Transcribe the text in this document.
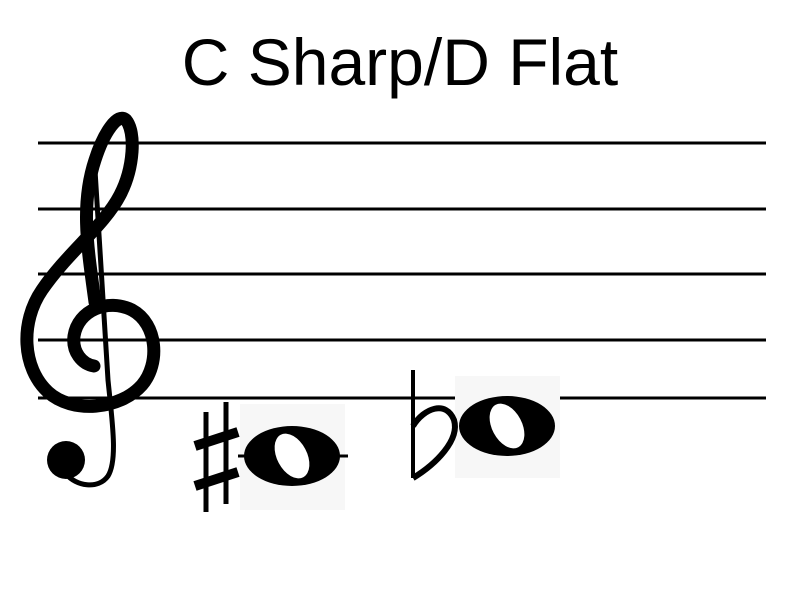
C Sharp/D Flat
